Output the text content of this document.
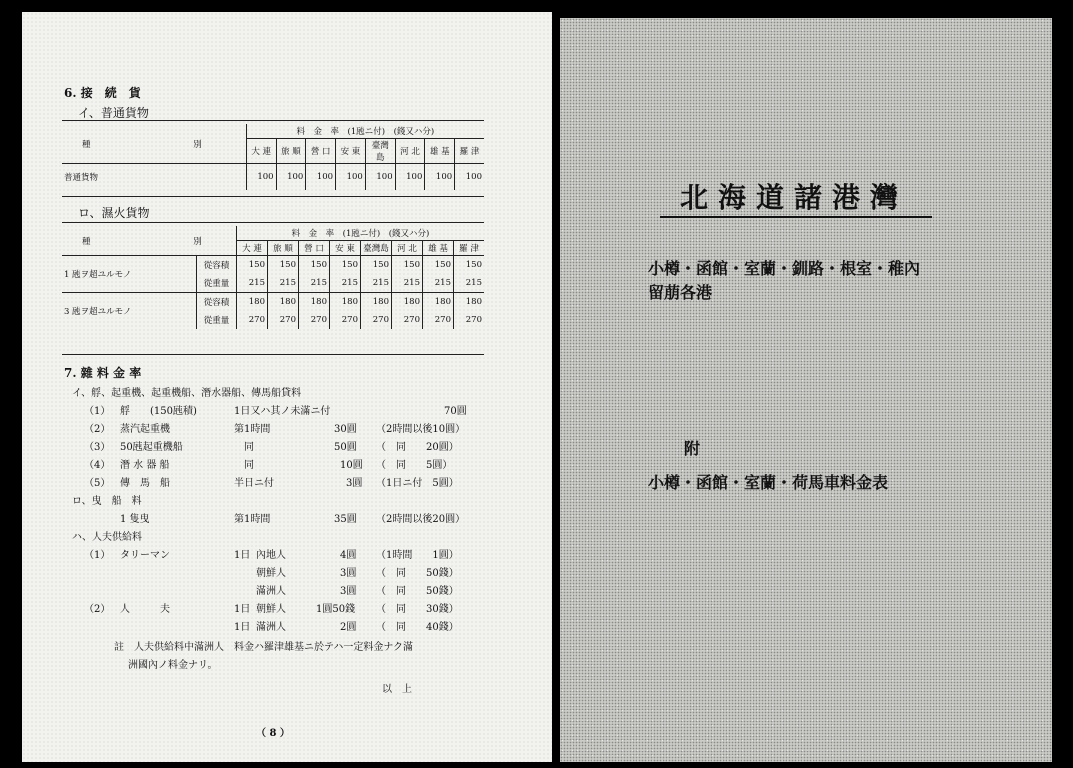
6. 接　続　貨
イ、普通貨物
種 別	料　金　率　(1瓲ニ付)　(錢又ハ分)							
	大 連	旅 順	營 口	安 東	臺灣島	河 北	雄 基	羅 津
普通貨物	100	100	100	100	100	100	100	100
ロ、濕火貨物
種 別		料　金　率　(1瓲ニ付)　(錢又ハ分)							
		大 連	旅 順	營 口	安 東	臺灣島	河 北	雄 基	羅 津
1 瓲ヲ超ユルモノ	從容積	150	150	150	150	150	150	150	150
	從重量	215	215	215	215	215	215	215	215
3 瓲ヲ超ユルモノ	從容積	180	180	180	180	180	180	180	180
	從重量	270	270	270	270	270	270	270	270
7. 雜 料 金 率
イ、艀、起重機、起重機船、潛水器船、傳馬船貸料
（1） 艀　　(150瓲積)	1日又ハ其ノ未滿ニ付	70圓
（2） 蒸汽起重機	第1時間	30圓 （2時間以後10圓）
（3） 50瓲起重機船	同	50圓 （　同　　20圓）
（4） 潛 水 器 船	同	10圓 （　同　　5圓）
（5） 傳　馬　船	半日ニ付	3圓 （1日ニ付　5圓）
ロ、曳　船　料
1 隻曳	第1時間	35圓 （2時間以後20圓）
ハ、人夫供給料
（1） タリーマン	1日 內地人	4圓 （1時間　　1圓）
朝鮮人	3圓 （　同　　50錢）
滿洲人	3圓 （　同　　50錢）
（2） 人　　　夫	1日 朝鮮人	1圓50錢 （　同　　30錢）
1日 滿洲人	2圓 （　同　　40錢）
註　人夫供給料中滿洲人　料金ハ羅津雄基ニ於テハ一定料金ナク滿
洲國內ノ料金ナリ。
以　上
（ 8 ）
北海道諸港灣
小樽・函館・室蘭・釧路・根室・稚內
留萠各港
附
小樽・函館・室蘭・荷馬車料金表
